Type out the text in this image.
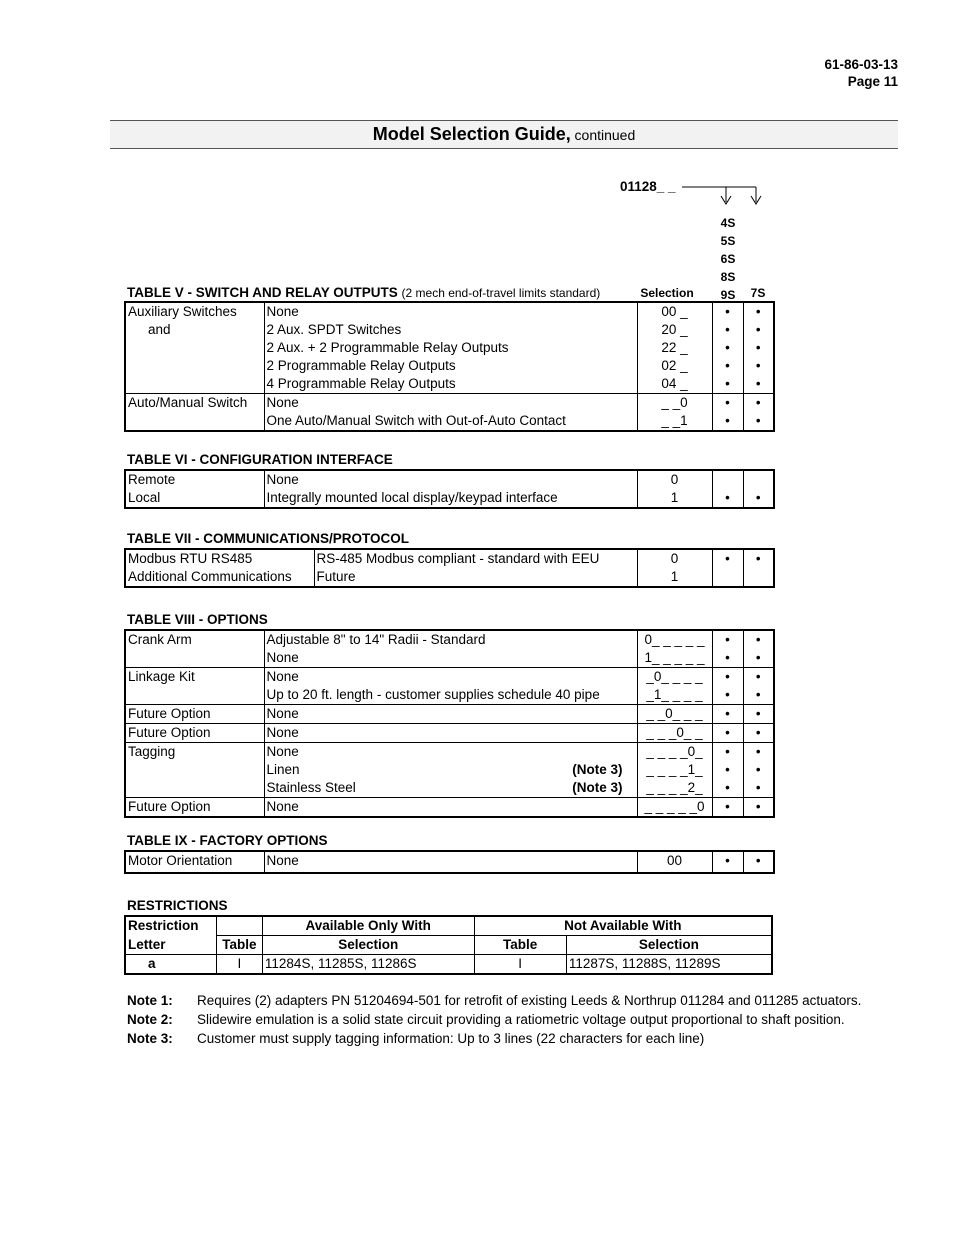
61-86-03-13
Page 11
Model Selection Guide, continued
01128_ _
4S
5S
6S
8S
9S	7S
Selection
TABLE V - SWITCH AND RELAY OUTPUTS (2 mech end-of-travel limits standard)
Auxiliary Switches	None	00 _	•	•
and	2 Aux. SPDT Switches	20 _	•	•
	2 Aux. + 2 Programmable Relay Outputs	22 _	•	•
	2 Programmable Relay Outputs	02 _	•	•
	4 Programmable Relay Outputs	04 _	•	•
Auto/Manual Switch	None	_ _0	•	•
	One Auto/Manual Switch with Out-of-Auto Contact	_ _1	•	•
TABLE VI - CONFIGURATION INTERFACE
Remote	None	0		
Local	Integrally mounted local display/keypad interface	1	•	•
TABLE VII - COMMUNICATIONS/PROTOCOL
Modbus RTU RS485	RS-485 Modbus compliant - standard with EEU	0	•	•
Additional Communications	Future	1		
TABLE VIII - OPTIONS
Crank Arm	Adjustable 8" to 14" Radii - Standard	0_ _ _ _ _	•	•
	None	1_ _ _ _ _	•	•
Linkage Kit	None	_0_ _ _ _	•	•
	Up to 20 ft. length - customer supplies schedule 40 pipe	_1_ _ _ _	•	•
Future Option	None	_ _0_ _ _	•	•
Future Option	None	_ _ _0_ _	•	•
Tagging	None	_ _ _ _0_	•	•
	Linen (Note 3)	_ _ _ _1_	•	•
	Stainless Steel (Note 3)	_ _ _ _2_	•	•
Future Option	None	_ _ _ _ _0	•	•
TABLE IX - FACTORY OPTIONS
Motor Orientation	None	00	•	•
RESTRICTIONS
Restriction		Available Only With	Not Available With	
Letter	Table	Selection	Table	Selection
a	I	11284S, 11285S, 11286S	I	11287S, 11288S, 11289S
Note 1: Requires (2) adapters PN 51204694-501 for retrofit of existing Leeds & Northrup 011284 and 011285 actuators.
Note 2: Slidewire emulation is a solid state circuit providing a ratiometric voltage output proportional to shaft position.
Note 3: Customer must supply tagging information: Up to 3 lines (22 characters for each line)
